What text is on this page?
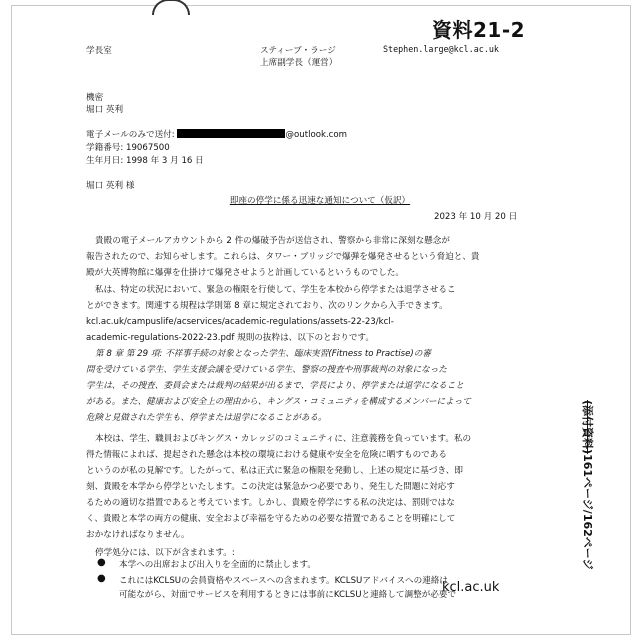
資料21-2
学長室	スティーブ・ラージ
上席副学長（運営）
Stephen.large@kcl.ac.uk
機密
堀口 英利
電子メールのみで送付:	@outlook.com
学籍番号: 19067500
生年月日: 1998 年 3 月 16 日
堀口 英利 様
即座の停学に係る迅速な通知について（仮訳）
2023 年 10 月 20 日
貴殿の電子メールアカウントから 2 件の爆破予告が送信され、警察から非常に深刻な懸念が
報告されたので、お知らせします。これらは、タワー・ブリッジで爆弾を爆発させるという脅迫と、貴
殿が大英博物館に爆弾を仕掛けて爆発させようと計画しているというものでした。
私は、特定の状況において、緊急の権限を行使して、学生を本校から停学または退学させるこ
とができます。関連する規程は学則第 8 章に規定されており、次のリンクから入手できます。
kcl.ac.uk/campuslife/acservices/academic-regulations/assets-22-23/kcl-
academic-regulations-2022-23.pdf 規則の抜粋は、以下のとおりです。
第 8 章 第 29 項: 不祥事手続の対象となった学生、臨床実習(Fitness to Practise)の審
問を受けている学生、学生支援会議を受けている学生、警察の捜査や刑事裁判の対象になった
学生は、その捜査、委員会または裁判の結果が出るまで、学長により、停学または退学になること
がある。また、健康および安全上の理由から、キングス・コミュニティを構成するメンバーによって
危険と見做された学生も、停学または退学になることがある。
本校は、学生、職員およびキングス・カレッジのコミュニティに、注意義務を負っています。私の
得た情報によれば、提起された懸念は本校の環境における健康や安全を危険に晒すものである
というのが私の見解です。したがって、私は正式に緊急の権限を発動し、上述の規定に基づき、即
刻、貴殿を本学から停学といたします。この決定は緊急かつ必要であり、発生した問題に対応す
るための適切な措置であると考えています。しかし、貴殿を停学にする私の決定は、罰則ではな
く、貴殿と本学の両方の健康、安全および幸福を守るための必要な措置であることを明確にして
おかなければなりません。
停学処分には、以下が含まれます。:
● 本学への出席および出入りを全面的に禁止します。
● これにはKCLSUの会員資格やスペースへの含まれます。KCLSUアドバイスへの連絡は
可能ながら、対面でサービスを利用するときには事前にKCLSUと連絡して調整が必要で
kcl.ac.uk
(添付資料)161ページ/162ページ
